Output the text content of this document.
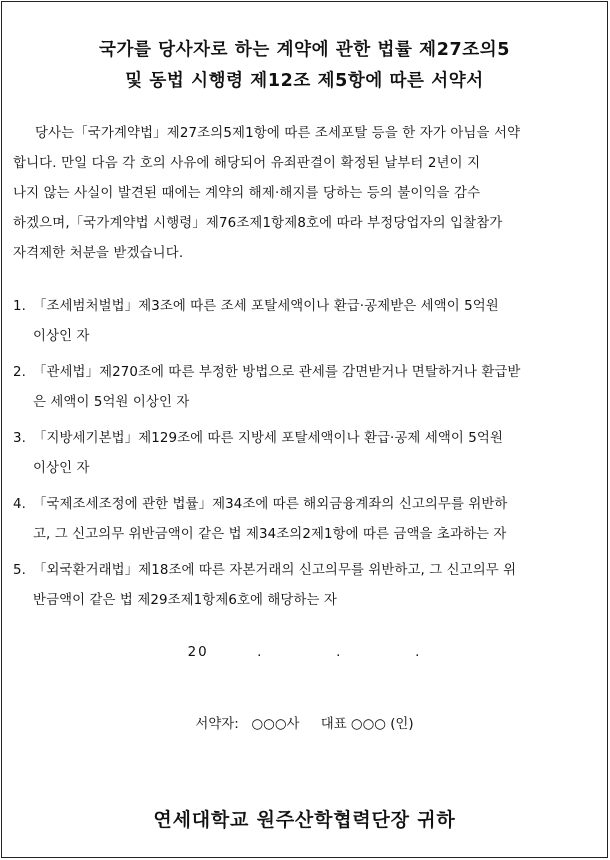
국가를 당사자로 하는 계약에 관한 법률 제27조의5
및 동법 시행령 제12조 제5항에 따른 서약서
당사는「국가계약법」제27조의5제1항에 따른 조세포탈 등을 한 자가 아님을 서약
합니다. 만일 다음 각 호의 사유에 해당되어 유죄판결이 확정된 날부터 2년이 지
나지 않는 사실이 발견된 때에는 계약의 해제·해지를 당하는 등의 불이익을 감수
하겠으며,「국가계약법 시행령」제76조제1항제8호에 따라 부정당업자의 입찰참가
자격제한 처분을 받겠습니다.
1. 「조세범처벌법」제3조에 따른 조세 포탈세액이나 환급·공제받은 세액이 5억원
이상인 자
2. 「관세법」제270조에 따른 부정한 방법으로 관세를 감면받거나 면탈하거나 환급받
은 세액이 5억원 이상인 자
3. 「지방세기본법」제129조에 따른 지방세 포탈세액이나 환급·공제 세액이 5억원
이상인 자
4. 「국제조세조정에 관한 법률」제34조에 따른 해외금융계좌의 신고의무를 위반하
고, 그 신고의무 위반금액이 같은 법 제34조의2제1항에 따른 금액을 초과하는 자
5. 「외국환거래법」제18조에 따른 자본거래의 신고의무를 위반하고, 그 신고의무 위
반금액이 같은 법 제29조제1항제6호에 해당하는 자
20  .   .   .
서약자:   ○○○사     대표 ○○○ (인)
연세대학교 원주산학협력단장 귀하
